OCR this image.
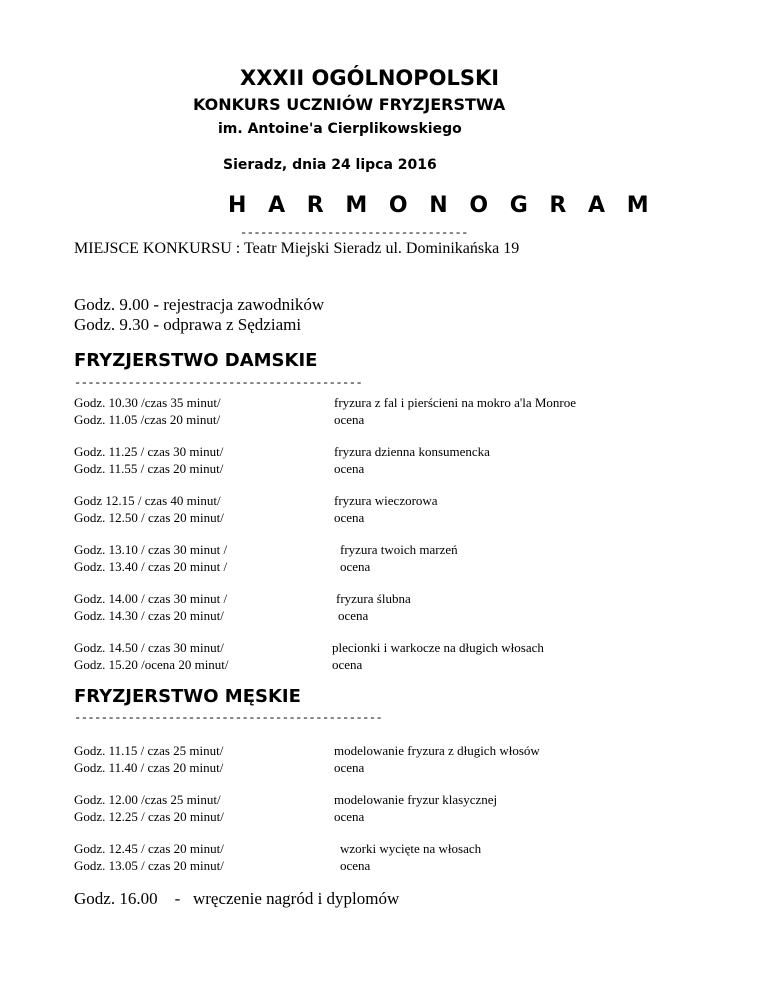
XXXII OGÓLNOPOLSKI
KONKURS UCZNIÓW FRYZJERSTWA
im. Antoine'a Cierplikowskiego
Sieradz, dnia 24 lipca 2016
H A R M O N O G R A M
----------------------------------
MIEJSCE KONKURSU : Teatr Miejski Sieradz ul. Dominikańska 19
Godz. 9.00 - rejestracja zawodników
Godz. 9.30 - odprawa z Sędziami
FRYZJERSTWO DAMSKIE
-------------------------------------------
Godz. 10.30 /czas 35 minut/	fryzura z fal i pierścieni na mokro a'la Monroe
Godz. 11.05 /czas 20 minut/	ocena
Godz. 11.25 / czas 30 minut/	fryzura dzienna konsumencka
Godz. 11.55 / czas 20 minut/	ocena
Godz 12.15 / czas 40 minut/	fryzura wieczorowa
Godz. 12.50 / czas 20 minut/	ocena
Godz. 13.10 / czas 30 minut /	fryzura twoich marzeń
Godz. 13.40 / czas 20 minut /	ocena
Godz. 14.00 / czas 30 minut /	fryzura ślubna
Godz. 14.30 / czas 20 minut/	ocena
Godz. 14.50 / czas 30 minut/	plecionki i warkocze na długich włosach
Godz. 15.20 /ocena 20 minut/	ocena
FRYZJERSTWO MĘSKIE
----------------------------------------------
Godz. 11.15 / czas 25 minut/	modelowanie fryzura z długich włosów
Godz. 11.40 / czas 20 minut/	ocena
Godz. 12.00 /czas 25 minut/	modelowanie fryzur klasycznej
Godz. 12.25 / czas 20 minut/	ocena
Godz. 12.45 / czas 20 minut/	wzorki wycięte na włosach
Godz. 13.05 / czas 20 minut/	ocena
Godz. 16.00    -   wręczenie nagród i dyplomów
